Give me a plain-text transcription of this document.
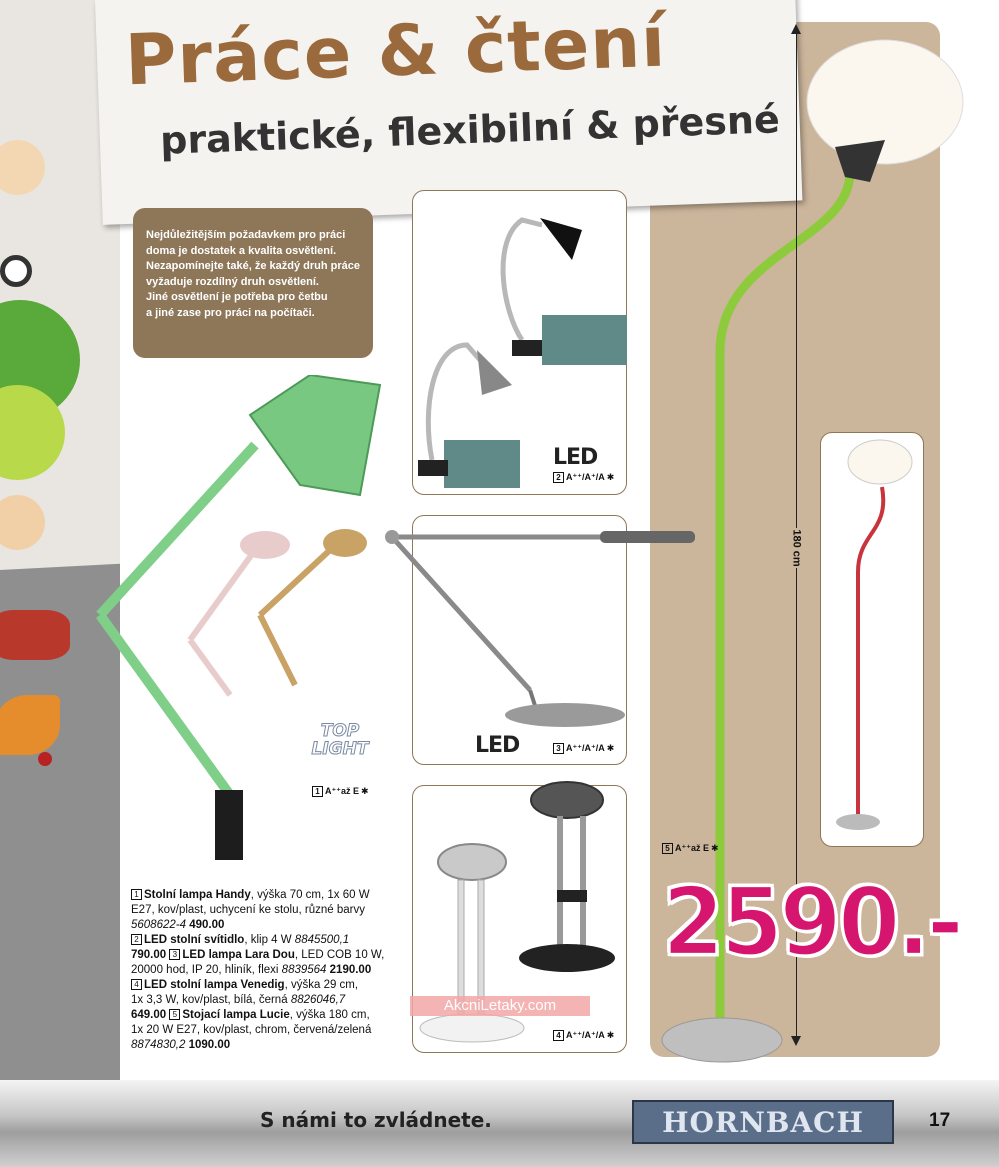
Práce & čtení
praktické, flexibilní & přesné
Nejdůležitějším požadavkem pro práci
doma je dostatek a kvalita osvětlení.
Nezapomínejte také, že každý druh práce
vyžaduje rozdílný druh osvětlení.
Jiné osvětlení je potřeba pro četbu
a jiné zase pro práci na počítači.
LED
2 A⁺⁺/A⁺/A ✱
LED	3 A⁺⁺/A⁺/A ✱
4 A⁺⁺/A⁺/A ✱
TOP
LIGHT
1 A⁺⁺až E ✱
5 A⁺⁺až E ✱
180 cm
2590.-
1 Stolní lampa Handy, výška 70 cm, 1x 60 W
E27, kov/plast, uchycení ke stolu, různé barvy
5608622-4 490.00
2 LED stolní svítidlo, klip 4 W 8845500,1
790.00 3 LED lampa Lara Dou, LED COB 10 W,
20000 hod, IP 20, hliník, flexi 8839564 2190.00
4 LED stolní lampa Venedig, výška 29 cm,
1x 3,3 W, kov/plast, bílá, černá 8826046,7
649.00 5 Stojací lampa Lucie, výška 180 cm,
1x 20 W E27, kov/plast, chrom, červená/zelená
8874830,2 1090.00
AkcniLetaky.com
S námi to zvládnete.	HORNBACH	17
